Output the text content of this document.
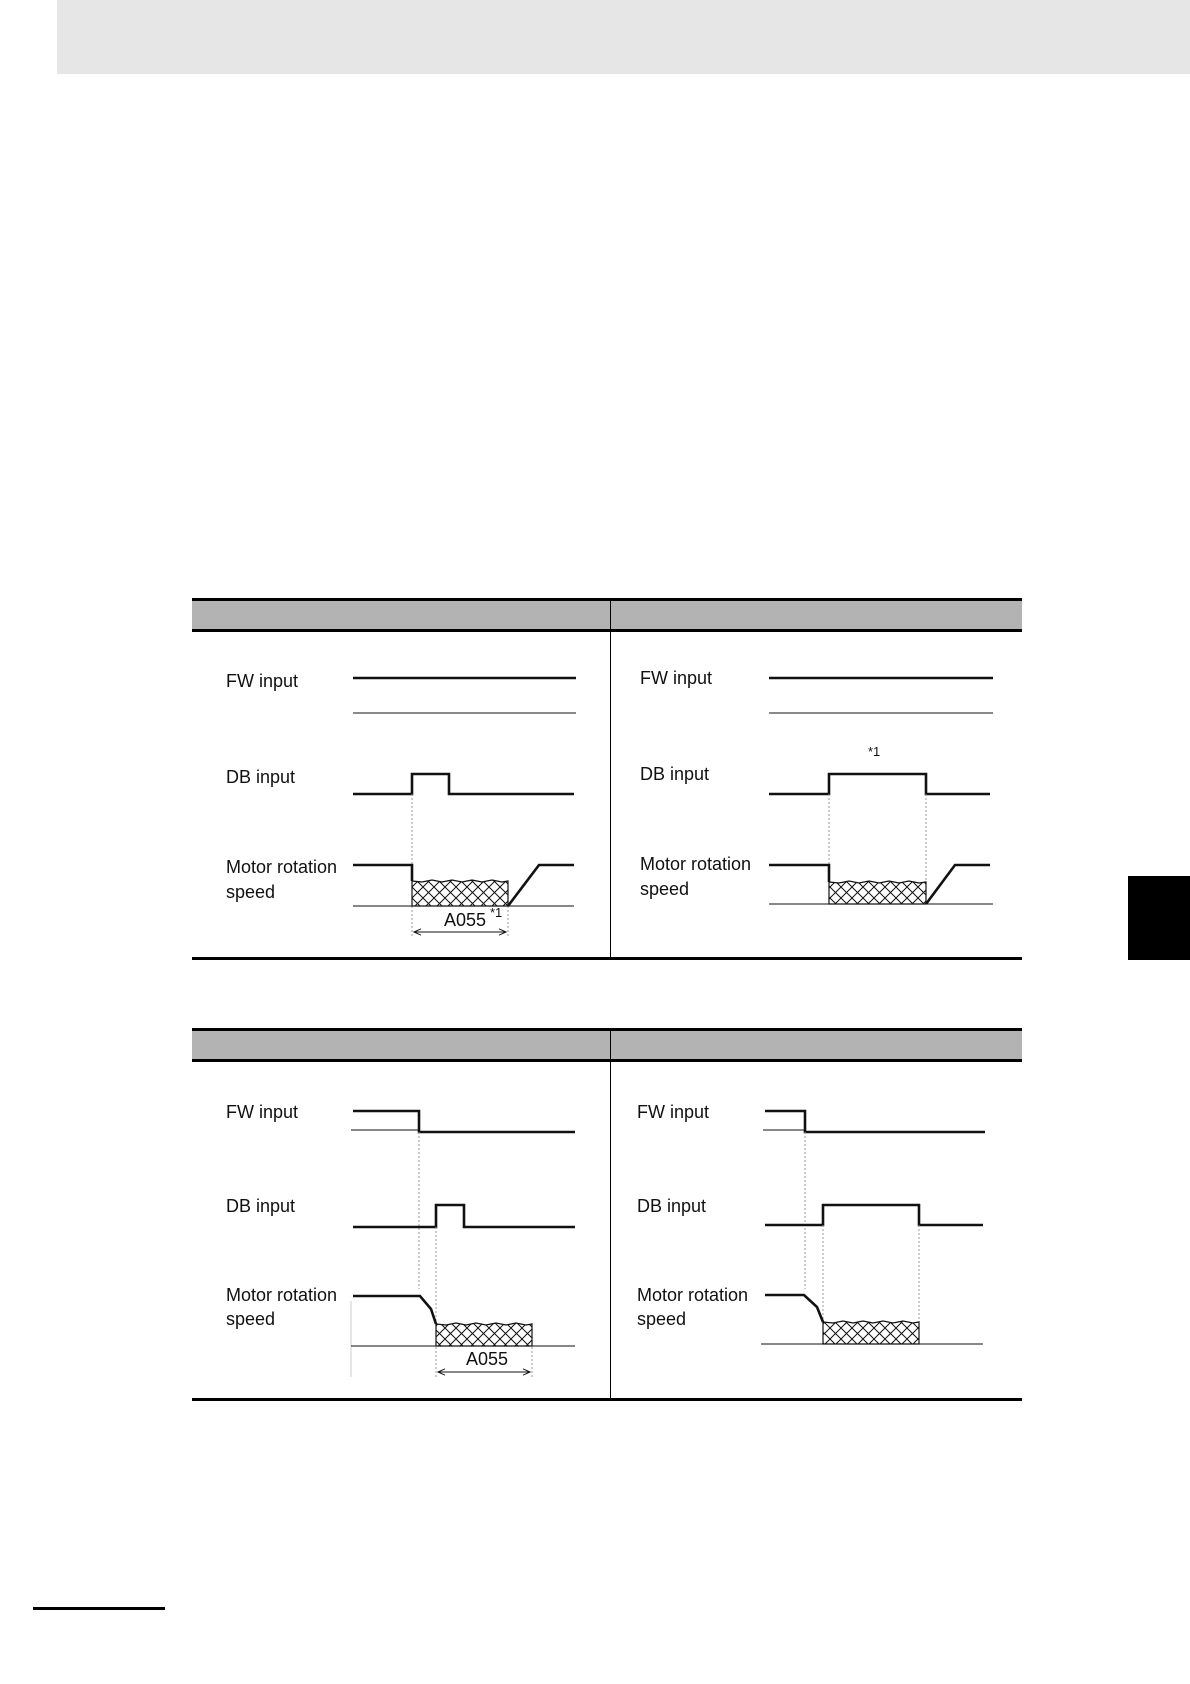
FW input
DB input
Motor rotation
speed
A055 *1
FW input
*1
DB input
Motor rotation
speed
FW input
DB input
Motor rotation
speed
A055
FW input
DB input
Motor rotation
speed
